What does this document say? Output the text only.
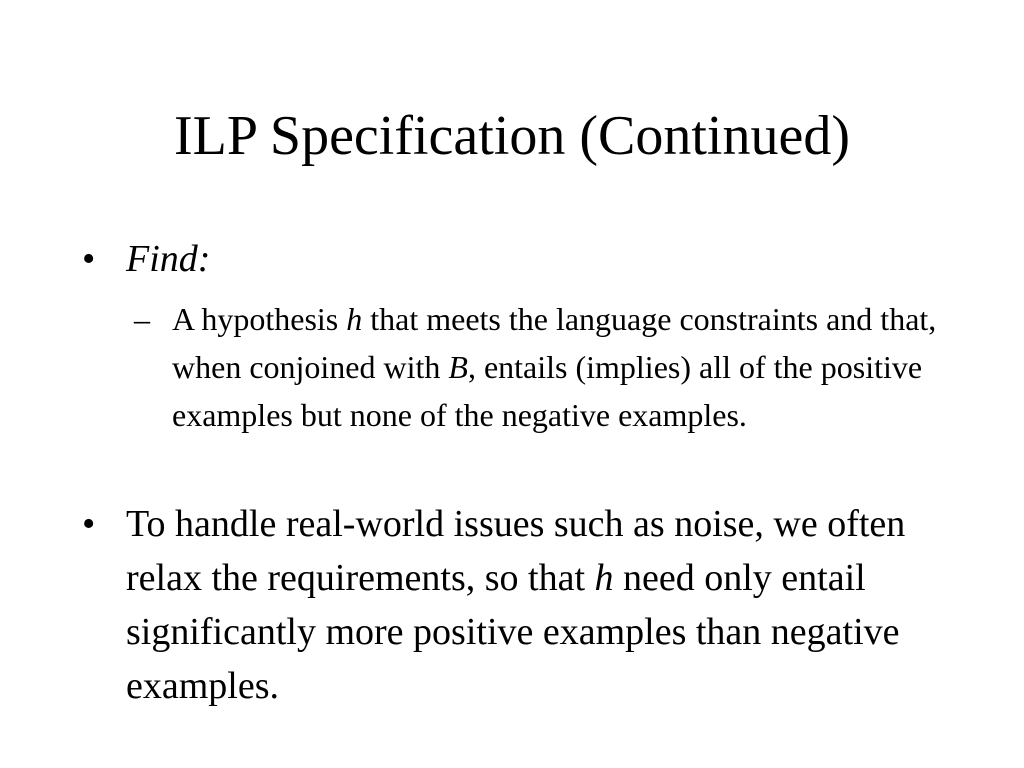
ILP Specification (Continued)
• Find:
– A hypothesis h that meets the language constraints and that, when conjoined with B, entails (implies) all of the positive examples but none of the negative examples.
• To handle real-world issues such as noise, we often relax the requirements, so that h need only entail significantly more positive examples than negative examples.
